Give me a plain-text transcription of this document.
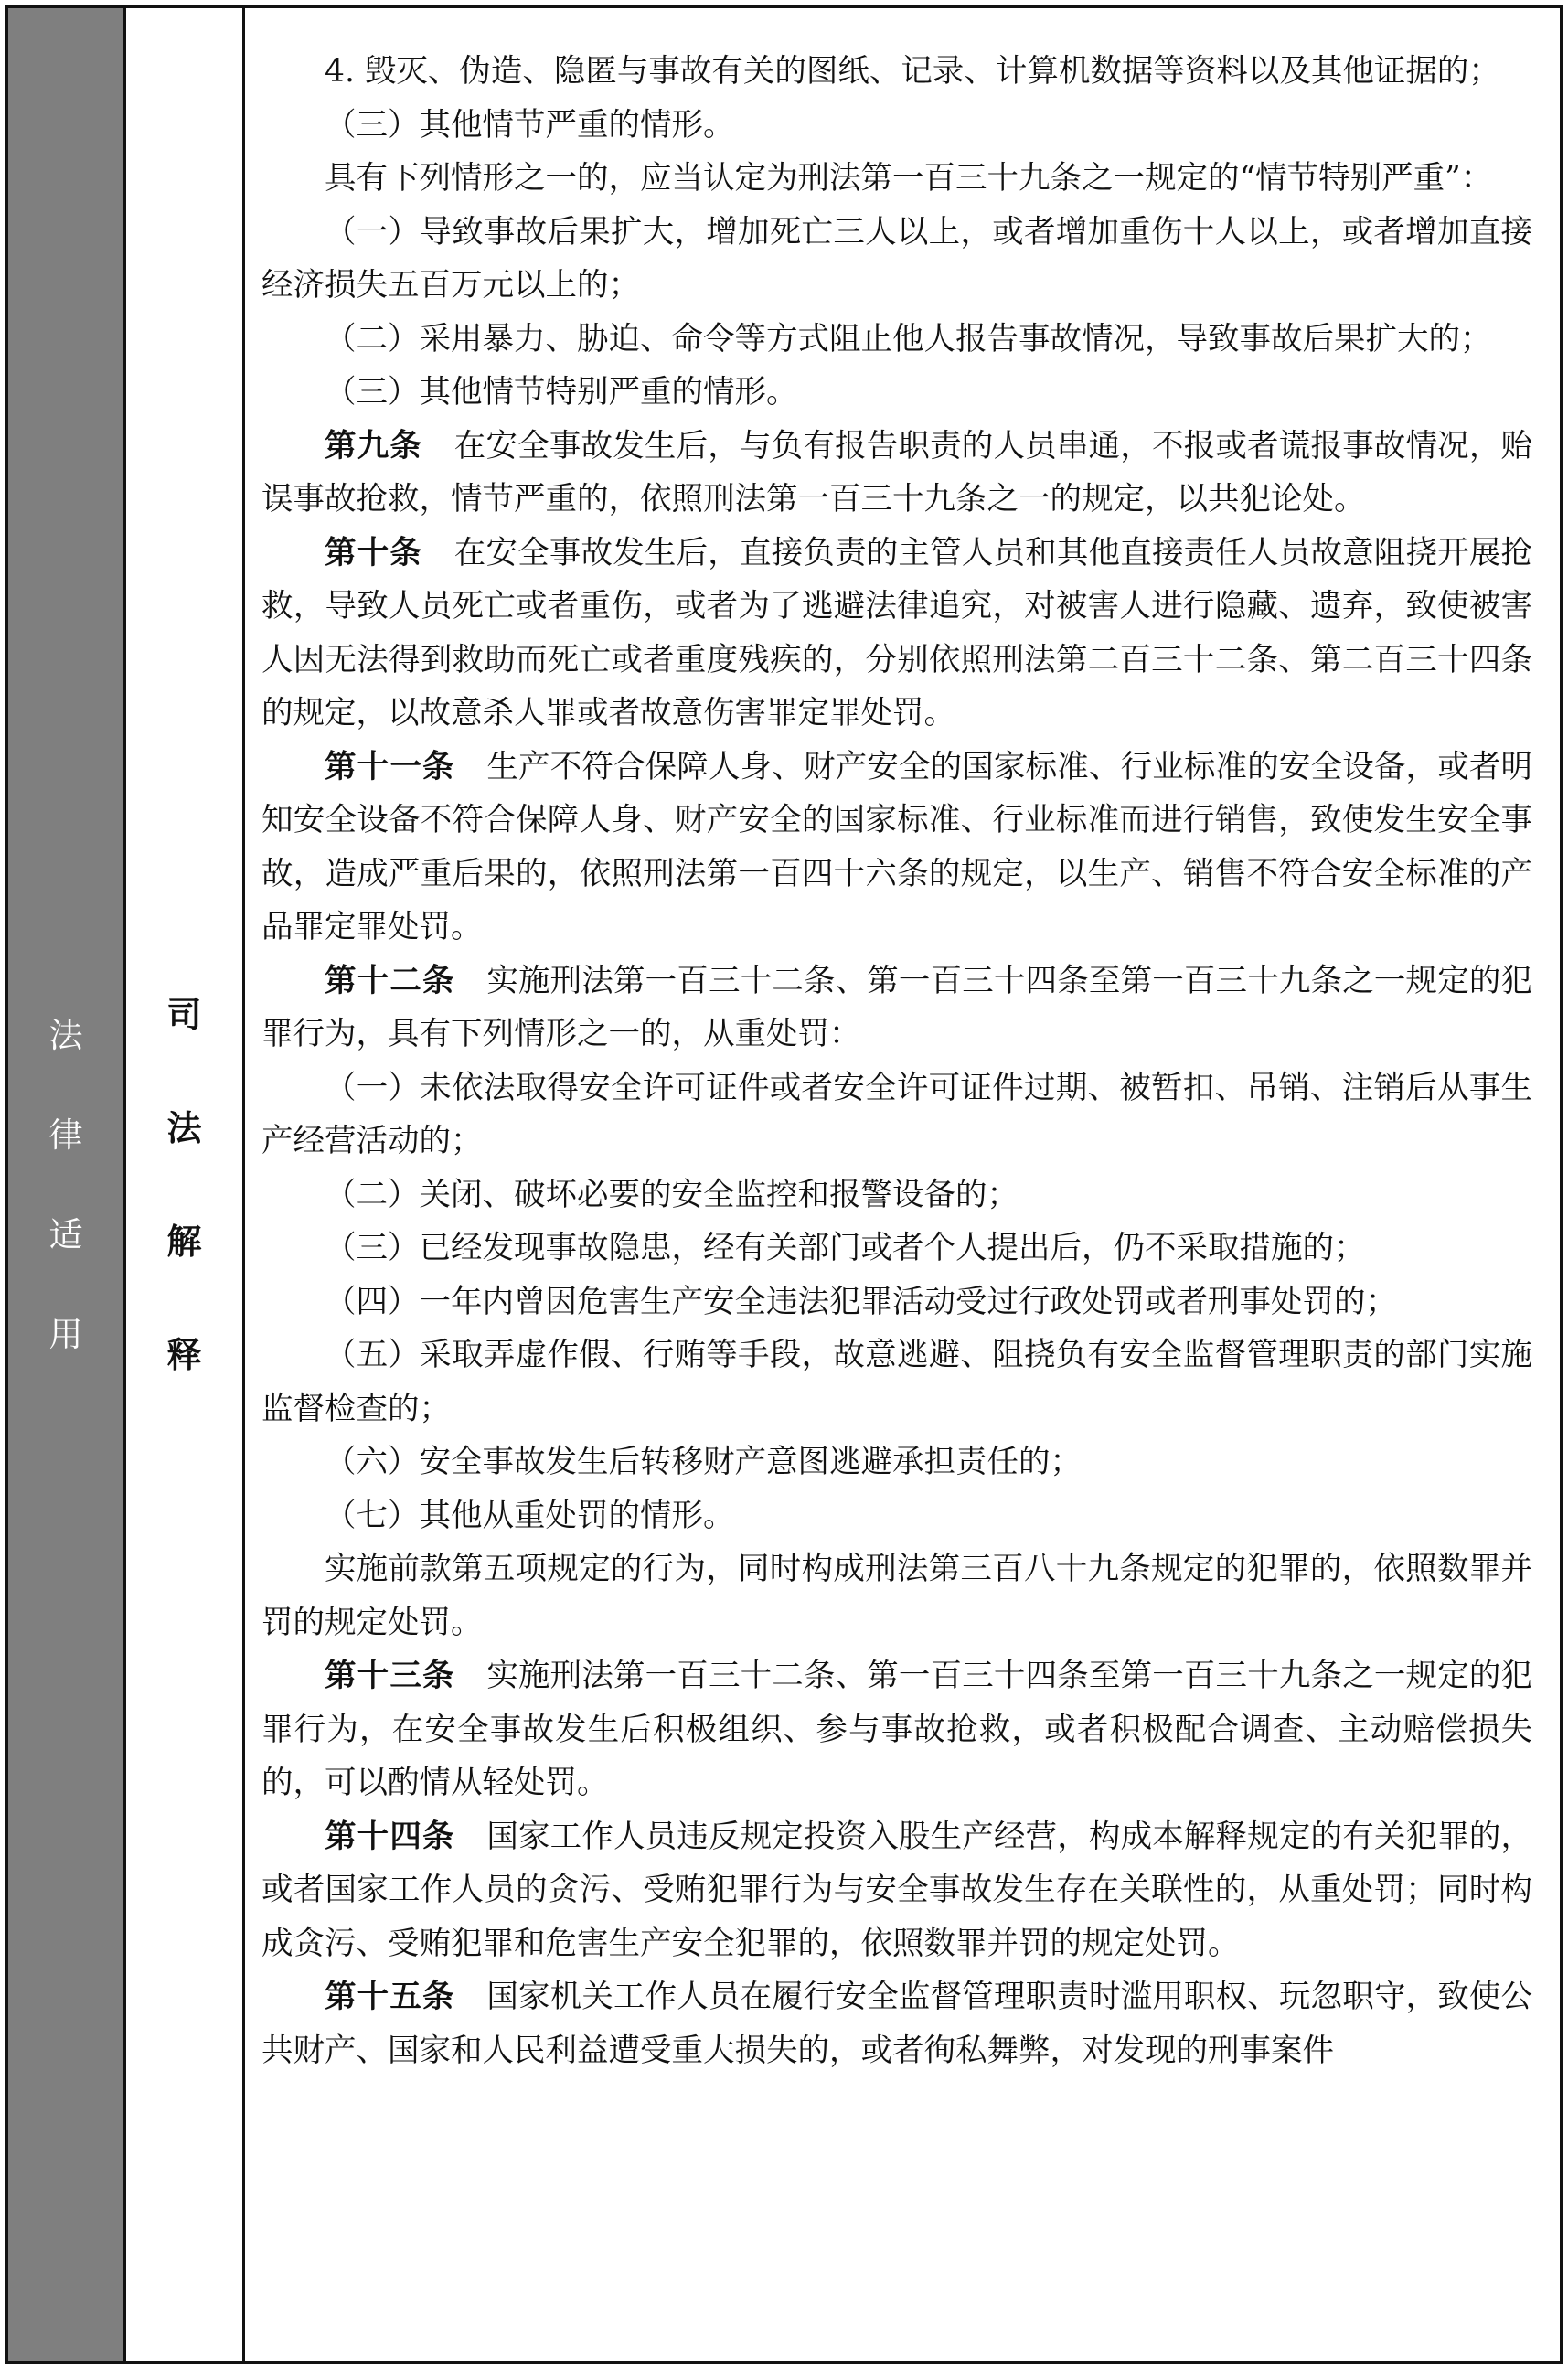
法
律
适
用
司
法
解
释

4. 毁灭、伪造、隐匿与事故有关的图纸、记录、计算机数据等资料以及其他证据的；

（三）其他情节严重的情形。

具有下列情形之一的，应当认定为刑法第一百三十九条之一规定的“情节特别严重”：

（一）导致事故后果扩大，增加死亡三人以上，或者增加重伤十人以上，或者增加直接经济损失五百万元以上的；

（二）采用暴力、胁迫、命令等方式阻止他人报告事故情况，导致事故后果扩大的；

（三）其他情节特别严重的情形。

第九条　 在安全事故发生后，与负有报告职责的人员串通，不报或者谎报事故情况，贻误事故抢救，情节严重的，依照刑法第一百三十九条之一的规定，以共犯论处。

第十条　 在安全事故发生后，直接负责的主管人员和其他直接责任人员故意阻挠开展抢救，导致人员死亡或者重伤，或者为了逃避法律追究，对被害人进行隐藏、遗弃，致使被害人因无法得到救助而死亡或者重度残疾的，分别依照刑法第二百三十二条、第二百三十四条的规定，以故意杀人罪或者故意伤害罪定罪处罚。

第十一条　 生产不符合保障人身、财产安全的国家标准、行业标准的安全设备，或者明知安全设备不符合保障人身、财产安全的国家标准、行业标准而进行销售，致使发生安全事故，造成严重后果的，依照刑法第一百四十六条的规定，以生产、销售不符合安全标准的产品罪定罪处罚。

第十二条　 实施刑法第一百三十二条、第一百三十四条至第一百三十九条之一规定的犯罪行为，具有下列情形之一的，从重处罚：

（一）未依法取得安全许可证件或者安全许可证件过期、被暂扣、吊销、注销后从事生产经营活动的；

（二）关闭、破坏必要的安全监控和报警设备的；

（三）已经发现事故隐患，经有关部门或者个人提出后，仍不采取措施的；

（四）一年内曾因危害生产安全违法犯罪活动受过行政处罚或者刑事处罚的；

（五）采取弄虚作假、行贿等手段，故意逃避、阻挠负有安全监督管理职责的部门实施监督检查的；

（六）安全事故发生后转移财产意图逃避承担责任的；

（七）其他从重处罚的情形。

实施前款第五项规定的行为，同时构成刑法第三百八十九条规定的犯罪的，依照数罪并罚的规定处罚。

第十三条　 实施刑法第一百三十二条、第一百三十四条至第一百三十九条之一规定的犯罪行为，在安全事故发生后积极组织、参与事故抢救，或者积极配合调查、主动赔偿损失的，可以酌情从轻处罚。

第十四条　 国家工作人员违反规定投资入股生产经营，构成本解释规定的有关犯罪的，或者国家工作人员的贪污、受贿犯罪行为与安全事故发生存在关联性的，从重处罚；同时构成贪污、受贿犯罪和危害生产安全犯罪的，依照数罪并罚的规定处罚。

第十五条　 国家机关工作人员在履行安全监督管理职责时滥用职权、玩忽职守，致使公共财产、国家和人民利益遭受重大损失的，或者徇私舞弊，对发现的刑事案件
